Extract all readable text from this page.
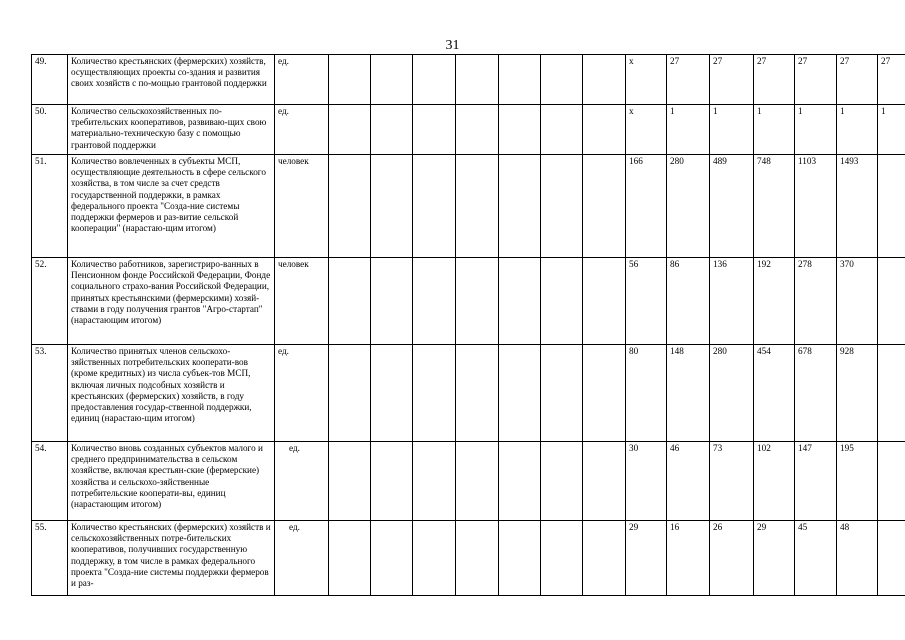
31
49.	Количество крестьянских (фермерских) хозяйств, осуществляющих проекты со-здания и развития своих хозяйств с по-мощью грантовой поддержки	ед.								x	27	27	27	27	27	27
50.	Количество сельскохозяйственных по-требительских кооперативов, развиваю-щих свою материально-техническую базу с помощью грантовой поддержки	ед.								x	1	1	1	1	1	1
51.	Количество вовлеченных в субъекты МСП, осуществляющие деятельность в сфере сельского хозяйства, в том числе за счет средств государственной поддержки, в рамках федерального проекта "Созда-ние системы поддержки фермеров и раз-витие сельской кооперации" (нарастаю-щим итогом)	человек								166	280	489	748	1103	1493	
52.	Количество работников, зарегистриро-ванных в Пенсионном фонде Российской Федерации, Фонде социального страхо-вания Российской Федерации, принятых крестьянскими (фермерскими) хозяй-ствами в году получения грантов "Агро-стартап" (нарастающим итогом)	человек								56	86	136	192	278	370	
53.	Количество принятых членов сельскохо-зяйственных потребительских кооперати-вов (кроме кредитных) из числа субъек-тов МСП, включая личных подсобных хозяйств и крестьянских (фермерских) хозяйств, в году предоставления государ-ственной поддержки, единиц (нарастаю-щим итогом)	ед.								80	148	280	454	678	928	
54.	Количество вновь созданных субъектов малого и среднего предпринимательства в сельском хозяйстве, включая крестьян-ские (фермерские) хозяйства и сельскохо-зяйственные потребительские кооперати-вы, единиц (нарастающим итогом)	ед.								30	46	73	102	147	195	
55.	Количество крестьянских (фермерских) хозяйств и сельскохозяйственных потре-бительских кооперативов, получивших государственную поддержку, в том числе в рамках федерального проекта "Созда-ние системы поддержки фермеров и раз-	ед.								29	16	26	29	45	48	
